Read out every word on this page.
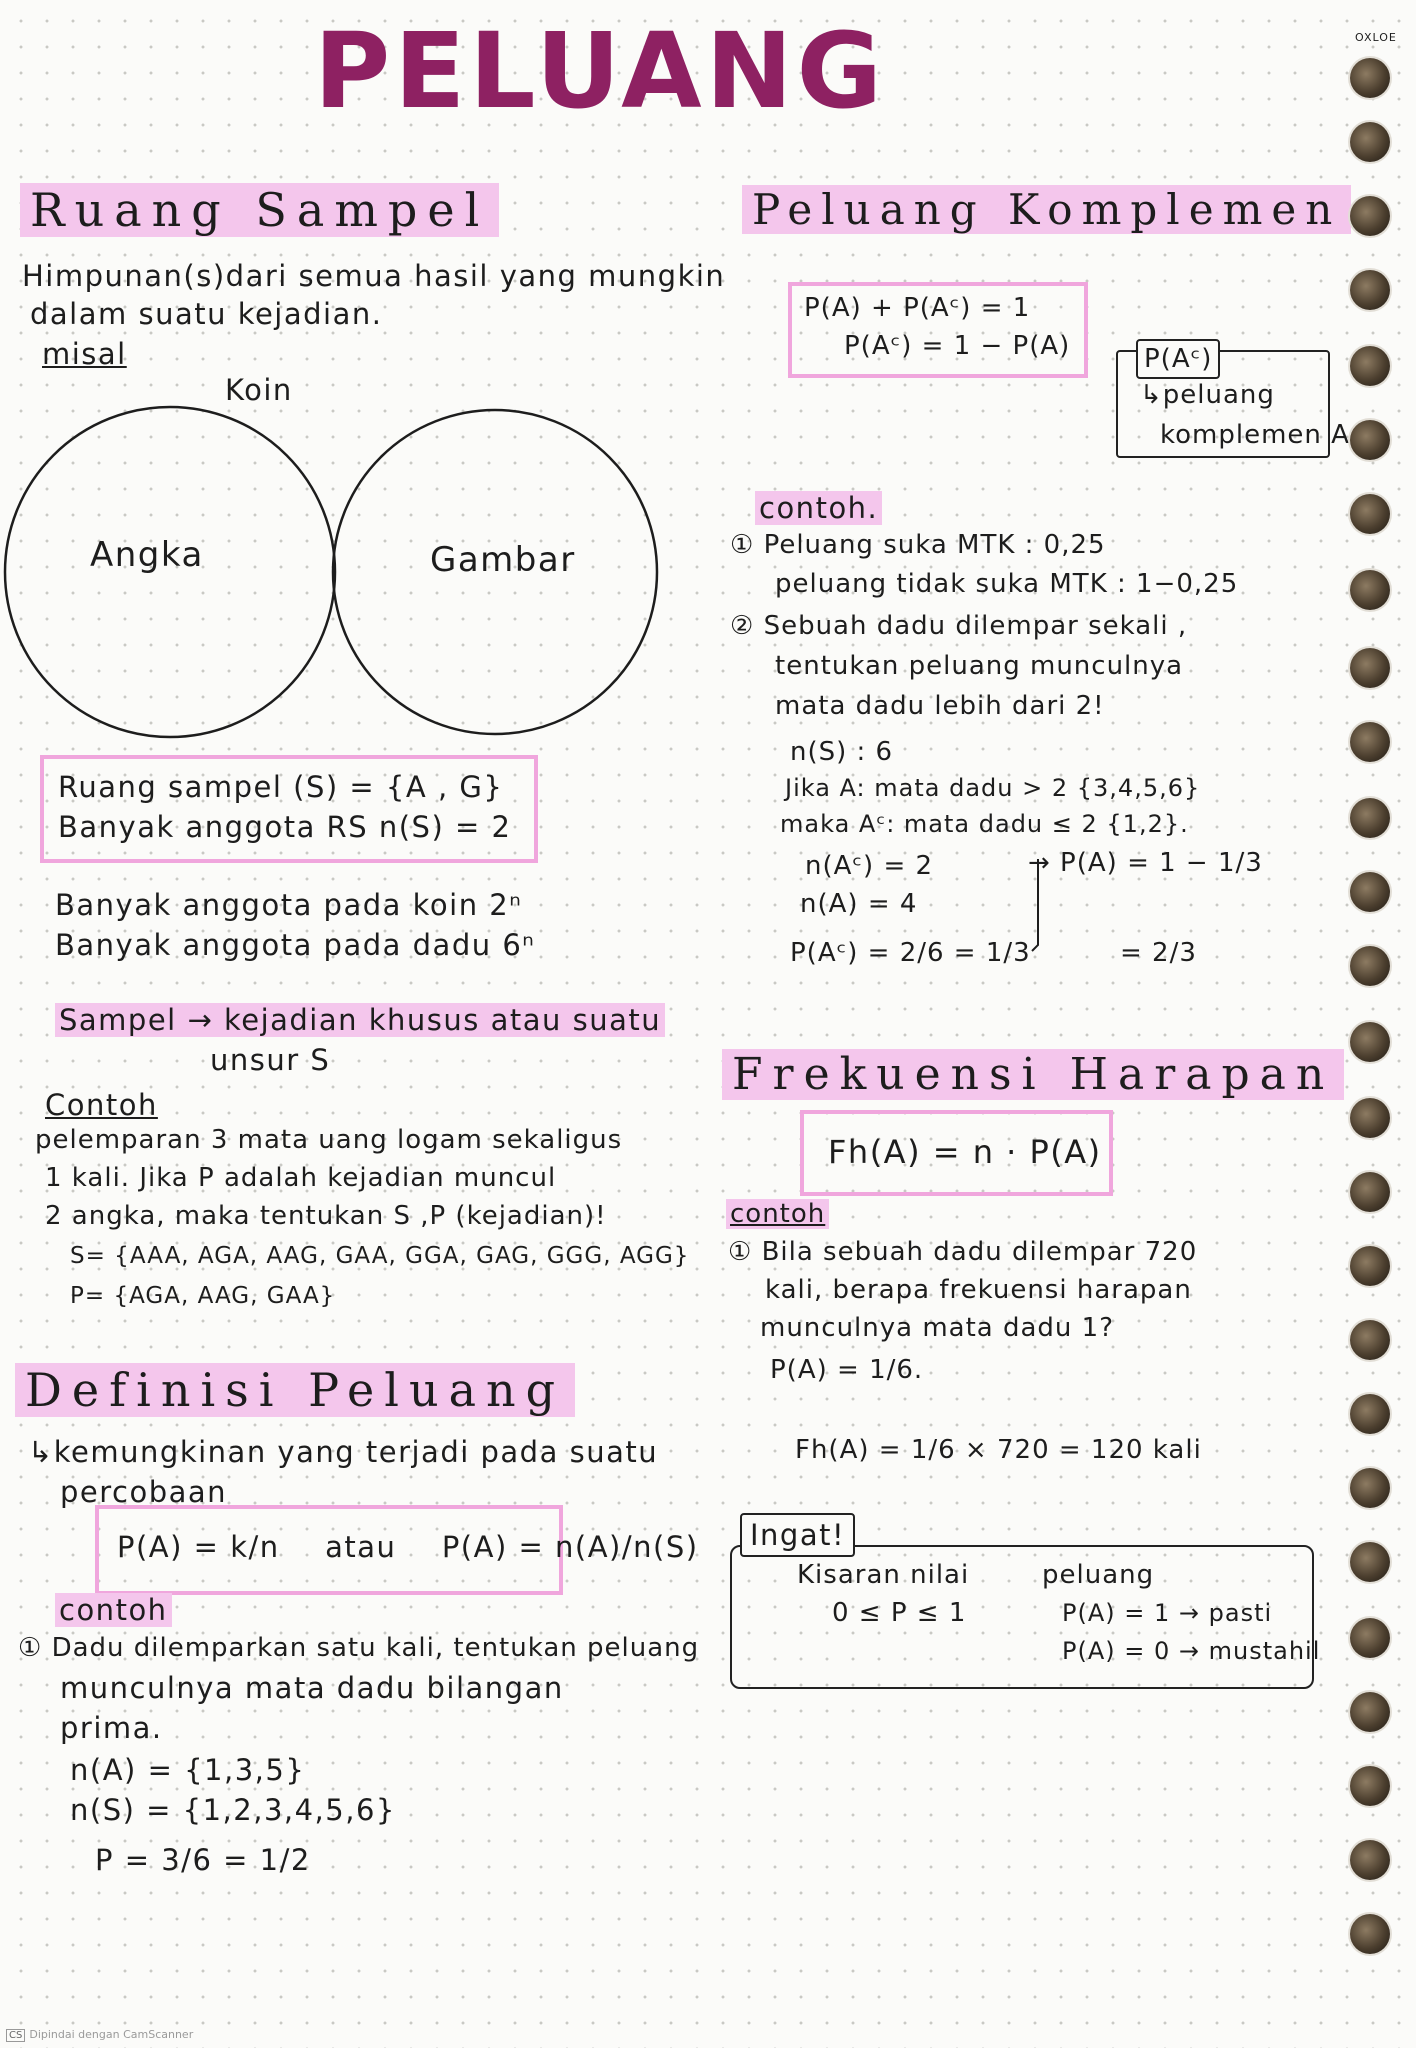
PELUANG	OXLOE
Ruang Sampel
Himpunan(s)dari semua hasil yang mungkin
dalam suatu kejadian.
misal
Koin
Angka	Gambar
Ruang sampel (S) = {A , G}
Banyak anggota RS n(S) = 2
Banyak anggota pada koin 2ⁿ
Banyak anggota pada dadu 6ⁿ
Sampel → kejadian khusus atau suatu
unsur S
Contoh
pelemparan 3 mata uang logam sekaligus
1 kali. Jika P adalah kejadian muncul
2 angka, maka tentukan S ,P (kejadian)!
S= {AAA, AGA, AAG, GAA, GGA, GAG, GGG, AGG}
P= {AGA, AAG, GAA}
Definisi Peluang
↳kemungkinan yang terjadi pada suatu
percobaan
P(A) = k/n atau P(A) = n(A)/n(S)
contoh
① Dadu dilemparkan satu kali, tentukan peluang
munculnya mata dadu bilangan
prima.
n(A) = {1,3,5}
n(S) = {1,2,3,4,5,6}
P = 3/6 = 1/2
Peluang Komplemen
P(A) + P(Aᶜ) = 1
P(Aᶜ) = 1 − P(A)	P(Aᶜ)
↳peluang
komplemen A
contoh.
① Peluang suka MTK : 0,25
peluang tidak suka MTK : 1−0,25
② Sebuah dadu dilempar sekali ,
tentukan peluang munculnya
mata dadu lebih dari 2!
n(S) : 6
Jika A: mata dadu > 2 {3,4,5,6}
maka Aᶜ: mata dadu ≤ 2 {1,2}.
n(Aᶜ) = 2
n(A) = 4
P(Aᶜ) = 2/6 = 1/3
→ P(A) = 1 − 1/3
= 2/3
Frekuensi Harapan
Fh(A) = n · P(A)
contoh
① Bila sebuah dadu dilempar 720
kali, berapa frekuensi harapan
munculnya mata dadu 1?
P(A) = 1/6.
Fh(A) = 1/6 × 720 = 120 kali
Ingat!
Kisaran nilai
0 ≤ P ≤ 1
peluang
P(A) = 1 → pasti
P(A) = 0 → mustahil
CS Dipindai dengan CamScanner
